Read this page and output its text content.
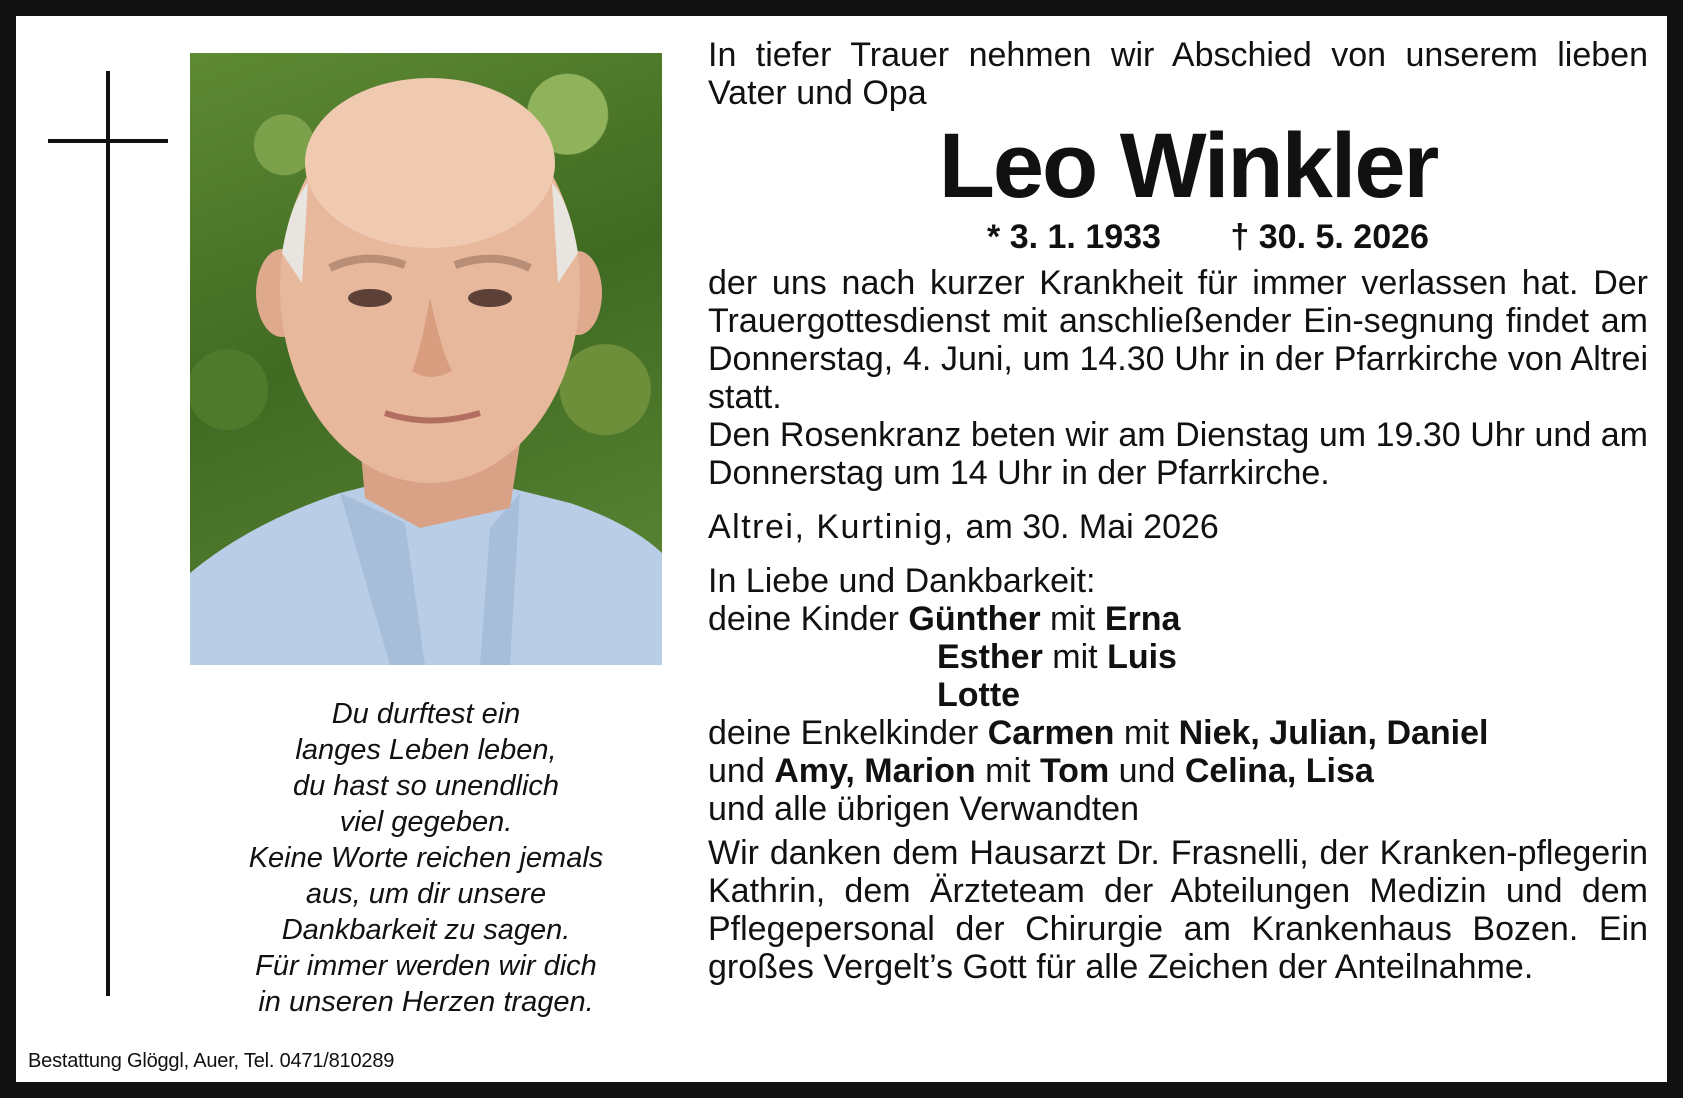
Du durftest ein
langes Leben leben,
du hast so unendlich
viel gegeben.
Keine Worte reichen jemals
aus, um dir unsere
Dankbarkeit zu sagen.
Für immer werden wir dich
in unseren Herzen tragen.
Bestattung Glöggl, Auer, Tel. 0471/810289

In tiefer Trauer nehmen wir Abschied von unserem lieben Vater und Opa

Leo Winkler
* 3. 1. 1933 † 30. 5. 2026

der uns nach kurzer Krankheit für immer verlassen hat. Der Trauergottesdienst mit anschließender Ein-segnung findet am Donnerstag, 4. Juni, um 14.30 Uhr in der Pfarrkirche von Altrei statt.

Den Rosenkranz beten wir am Dienstag um 19.30 Uhr und am Donnerstag um 14 Uhr in der Pfarrkirche.

Altrei, Kurtinig, am 30. Mai 2026

In Liebe und Dankbarkeit:
deine Kinder Günther mit Erna
Esther mit Luis
Lotte
deine Enkelkinder Carmen mit Niek, Julian, Daniel
und Amy, Marion mit Tom und Celina, Lisa
und alle übrigen Verwandten

Wir danken dem Hausarzt Dr. Frasnelli, der Kranken-pflegerin Kathrin, dem Ärzteteam der Abteilungen Medizin und dem Pflegepersonal der Chirurgie am Krankenhaus Bozen. Ein großes Vergelt’s Gott für alle Zeichen der Anteilnahme.
